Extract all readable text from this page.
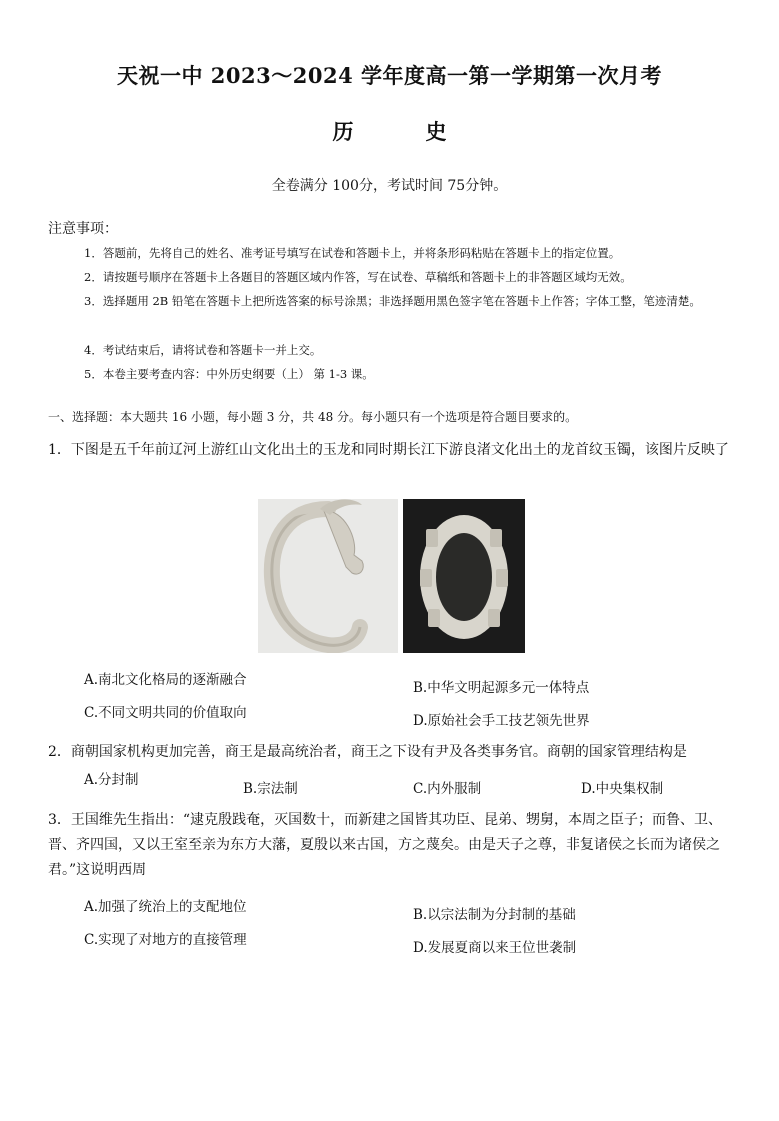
天祝一中 2023～2024 学年度高一第一学期第一次月考
历	史
全卷满分 100分，考试时间 75分钟。
注意事项：
1．答题前，先将自己的姓名、准考证号填写在试卷和答题卡上，并将条形码粘贴在答题卡上的指定位置。
2．请按题号顺序在答题卡上各题目的答题区域内作答，写在试卷、草稿纸和答题卡上的非答题区域均无效。
3．选择题用 2B 铅笔在答题卡上把所选答案的标号涂黑；非选择题用黑色签字笔在答题卡上作答；字体工整，笔迹清楚。
4．考试结束后，请将试卷和答题卡一并上交。
5．本卷主要考查内容：中外历史纲要（上） 第 1-3 课。
一、选择题：本大题共 16 小题，每小题 3 分，共 48 分。每小题只有一个选项是符合题目要求的。
1．下图是五千年前辽河上游红山文化出土的玉龙和同时期长江下游良渚文化出土的龙首纹玉镯，该图片反映了
A.南北文化格局的逐渐融合	B.中华文明起源多元一体特点
C.不同文明共同的价值取向	D.原始社会手工技艺领先世界
2．商朝国家机构更加完善，商王是最高统治者，商王之下设有尹及各类事务官。商朝的国家管理结构是
A.分封制
B.宗法制	C.内外服制	D.中央集权制
3．王国维先生指出：“逮克殷践奄，灭国数十，而新建之国皆其功臣、昆弟、甥舅，本周之臣子；而鲁、卫、晋、齐四国，又以王室至亲为东方大藩，夏殷以来古国，方之蔑矣。由是天子之尊，非复诸侯之长而为诸侯之君。”这说明西周
A.加强了统治上的支配地位	B.以宗法制为分封制的基础
C.实现了对地方的直接管理	D.发展夏商以来王位世袭制
